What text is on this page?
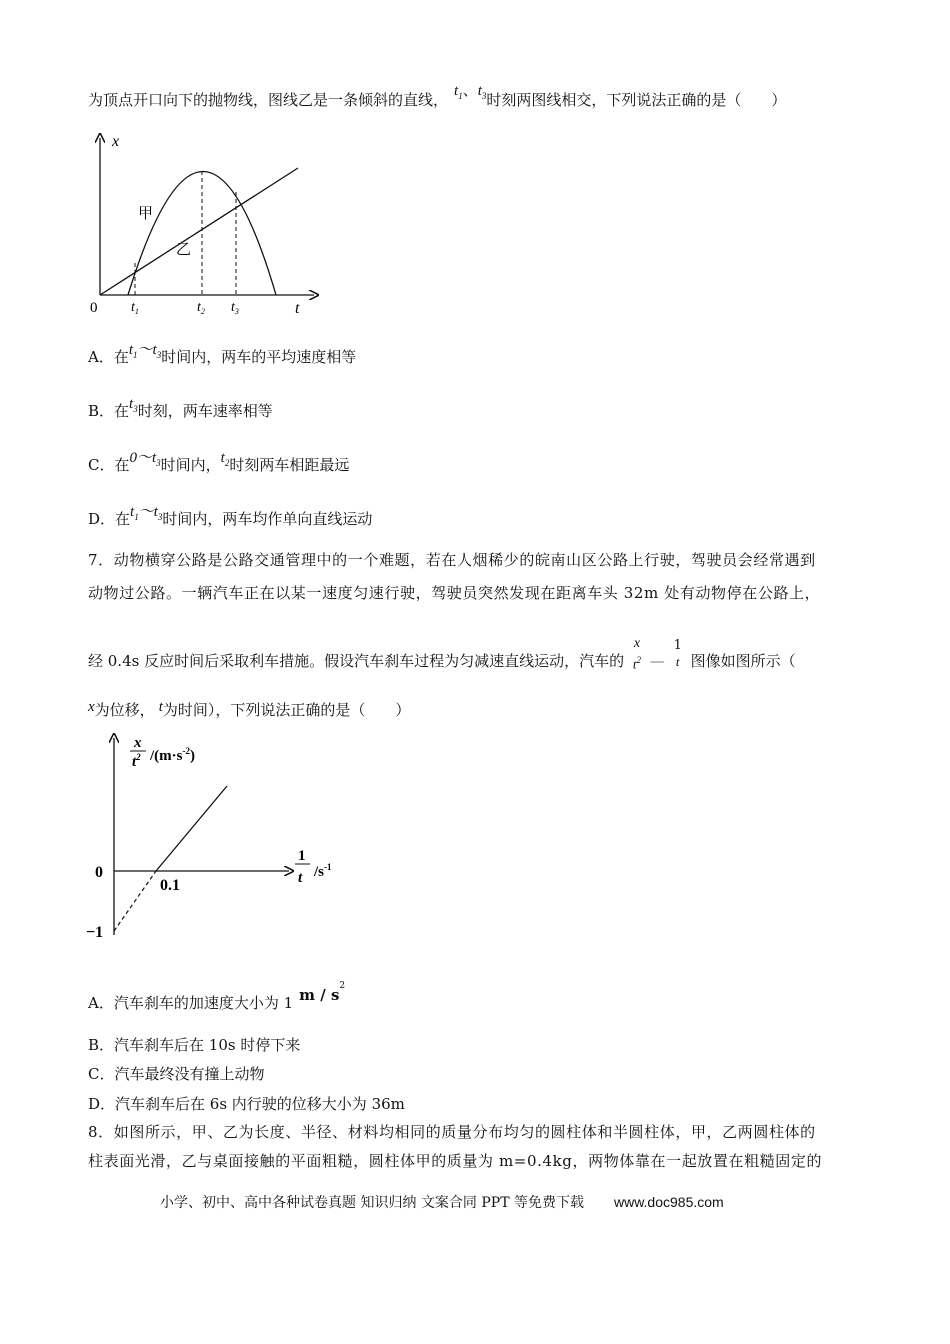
为顶点开口向下的抛物线，图线乙是一条倾斜的直线， $t_1$、$t_3$时刻两图线相交，下列说法正确的是（　　）
t
x
0
甲
乙
$t_1$	$t_2$ $t_3$
A．在$t_1\sim t_3$时间内，两车的平均速度相等
B．在$t_3$时刻，两车速率相等
C．在$0\sim t_3$时间内，$t_2$时刻两车相距最远
D．在$t_1\sim t_3$时间内，两车均作单向直线运动
7．动物横穿公路是公路交通管理中的一个难题，若在人烟稀少的皖南山区公路上行驶，驾驶员会经常遇到
动物过公路。一辆汽车正在以某一速度匀速行驶，驾驶员突然发现在距离车头 32m 处有动物停在公路上，
经 0.4s 反应时间后采取利车措施。假设汽车刹车过程为匀减速直线运动，汽车的
x
$t^2$ —
1
t 图像如图所示（
x为位移， t为时间），下列说法正确的是（　　）
x
$t^2$ $/(m\cdot s^{-2})$
1
t $/s^{-1}$
0
0.1
−1
A．汽车刹车的加速度大小为 1 m / $s^2$
B．汽车刹车后在 10s 时停下来
C．汽车最终没有撞上动物
D．汽车刹车后在 6s 内行驶的位移大小为 36m
8．如图所示，甲、乙为长度、半径、材料均相同的质量分布均匀的圆柱体和半圆柱体，甲，乙两圆柱体的
柱表面光滑，乙与桌面接触的平面粗糙，圆柱体甲的质量为 m=0.4kg，两物体靠在一起放置在粗糙固定的
小学、初中、高中各种试卷真题 知识归纳 文案合同 PPT 等免费下载 www.doc985.com
